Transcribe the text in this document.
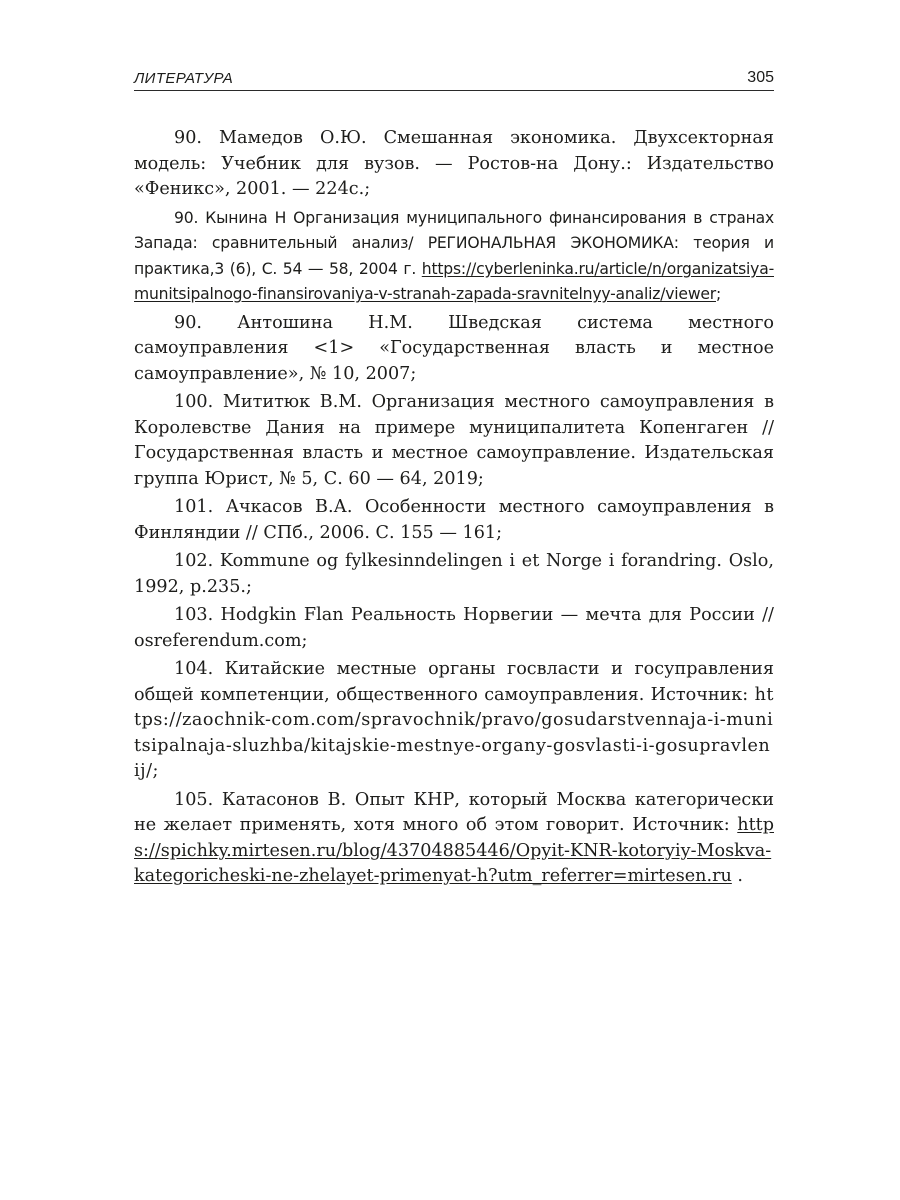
ЛИТЕРАТУРА	305

90. Мамедов О.Ю. Смешанная экономика. Двухсекторная модель: Учебник для вузов. — Ростов-на Дону.: Издательство «Феникс», 2001. — 224с.;

90. Кынина Н Организация муниципального финансирования в странах Запада: сравнительный анализ/ РЕГИОНАЛЬНАЯ ЭКОНОМИКА: теория и практика,3 (6), С. 54 — 58, 2004 г. https://cyberleninka.ru/article/n/organizatsiya-munitsipalnogo-finansirovaniya-v-stranah-zapada-sravnitelnyy-analiz/viewer;

90. Антошина Н.М. Шведская система местного самоуправления <1> «Государственная власть и местное самоуправление», № 10, 2007;

100. Мититюк В.М. Организация местного самоуправления в Королевстве Дания на примере муниципалитета Копенгаген // Государственная власть и местное самоуправление. Издательская группа Юрист, № 5, С. 60 — 64, 2019;

101. Ачкасов В.А. Особенности местного самоуправления в Финляндии // СПб., 2006. С. 155 — 161;

102. Kommune og fylkesinndelingen i et Norge i forandring. Oslo, 1992, p.235.;

103. Hodgkin Flan Реальность Норвегии — мечта для России // osreferendum.com;

104. Китайские местные органы госвласти и госуправления общей компетенции, общественного самоуправления. Источник: https://zaochnik-com.com/spravochnik/pravo/gosudarstvennaja-i-munitsipalnaja-sluzhba/kitajskie-mestnye-organy-gosvlasti-i-gosupravlenij/;

105. Катасонов В. Опыт КНР, который Москва категорически не желает применять, хотя много об этом говорит. Источник: https://spichky.mirtesen.ru/blog/43704885446/Opyit-KNR-kotoryiy-Moskva-kategoricheski-ne-zhelayet-primenyat-h?utm_referrer=mirtesen.ru .
